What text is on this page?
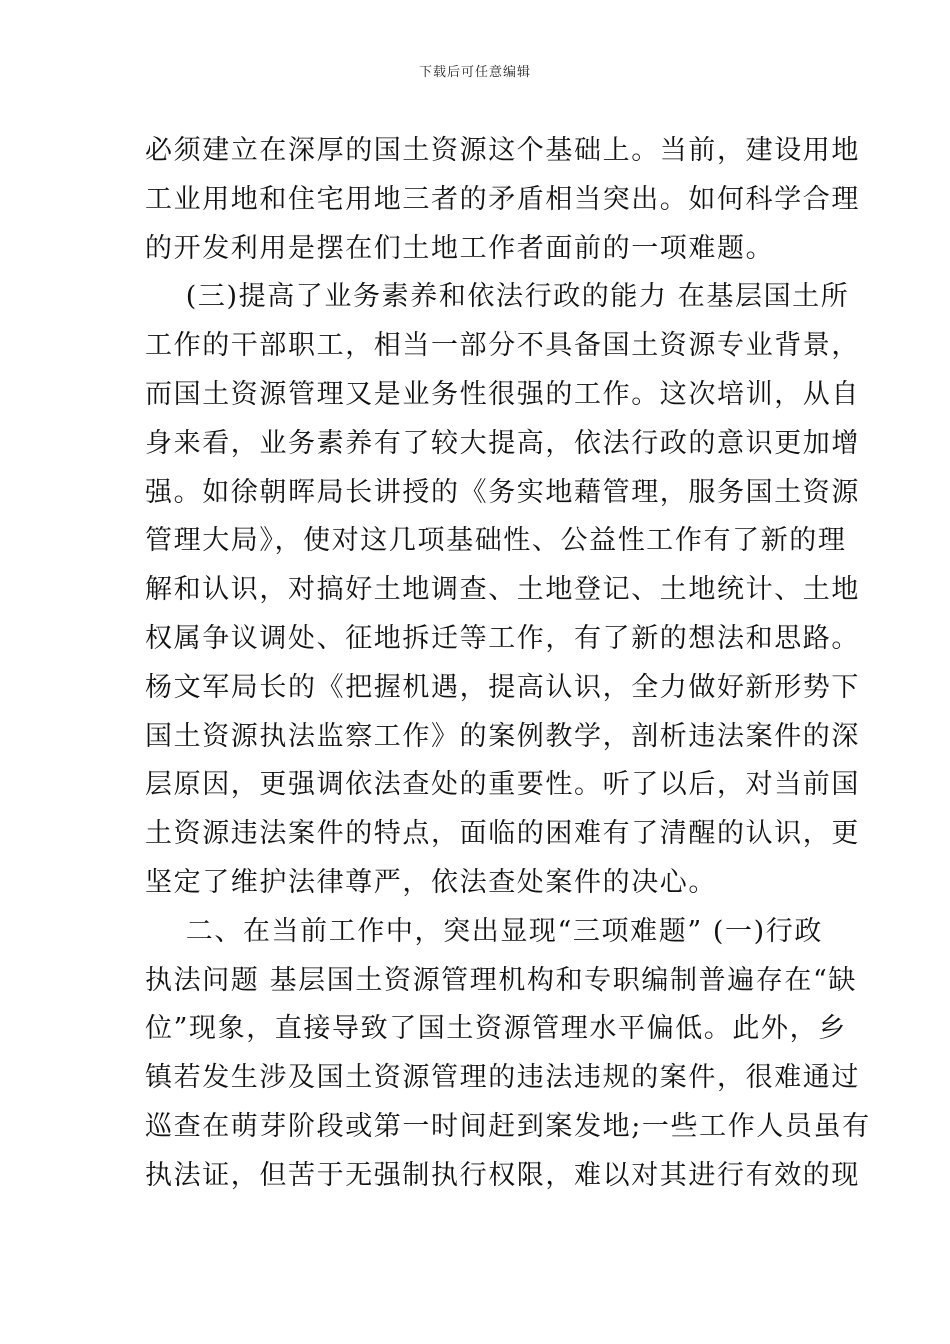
下载后可任意编辑
必须建立在深厚的国土资源这个基础上。当前，建设用地
工业用地和住宅用地三者的矛盾相当突出。如何科学合理
的开发利用是摆在们土地工作者面前的一项难题。
(三)提高了业务素养和依法行政的能力 在基层国土所
工作的干部职工，相当一部分不具备国土资源专业背景，
而国土资源管理又是业务性很强的工作。这次培训，从自
身来看，业务素养有了较大提高，依法行政的意识更加增
强。如徐朝晖局长讲授的《务实地藉管理，服务国土资源
管理大局》，使对这几项基础性、公益性工作有了新的理
解和认识，对搞好土地调查、土地登记、土地统计、土地
权属争议调处、征地拆迁等工作，有了新的想法和思路。
杨文军局长的《把握机遇，提高认识，全力做好新形势下
国土资源执法监察工作》的案例教学，剖析违法案件的深
层原因，更强调依法查处的重要性。听了以后，对当前国
土资源违法案件的特点，面临的困难有了清醒的认识，更
坚定了维护法律尊严，依法查处案件的决心。
二、在当前工作中，突出显现“三项难题” (一)行政
执法问题 基层国土资源管理机构和专职编制普遍存在“缺
位”现象，直接导致了国土资源管理水平偏低。此外，乡
镇若发生涉及国土资源管理的违法违规的案件，很难通过
巡查在萌芽阶段或第一时间赶到案发地;一些工作人员虽有
执法证，但苦于无强制执行权限，难以对其进行有效的现
